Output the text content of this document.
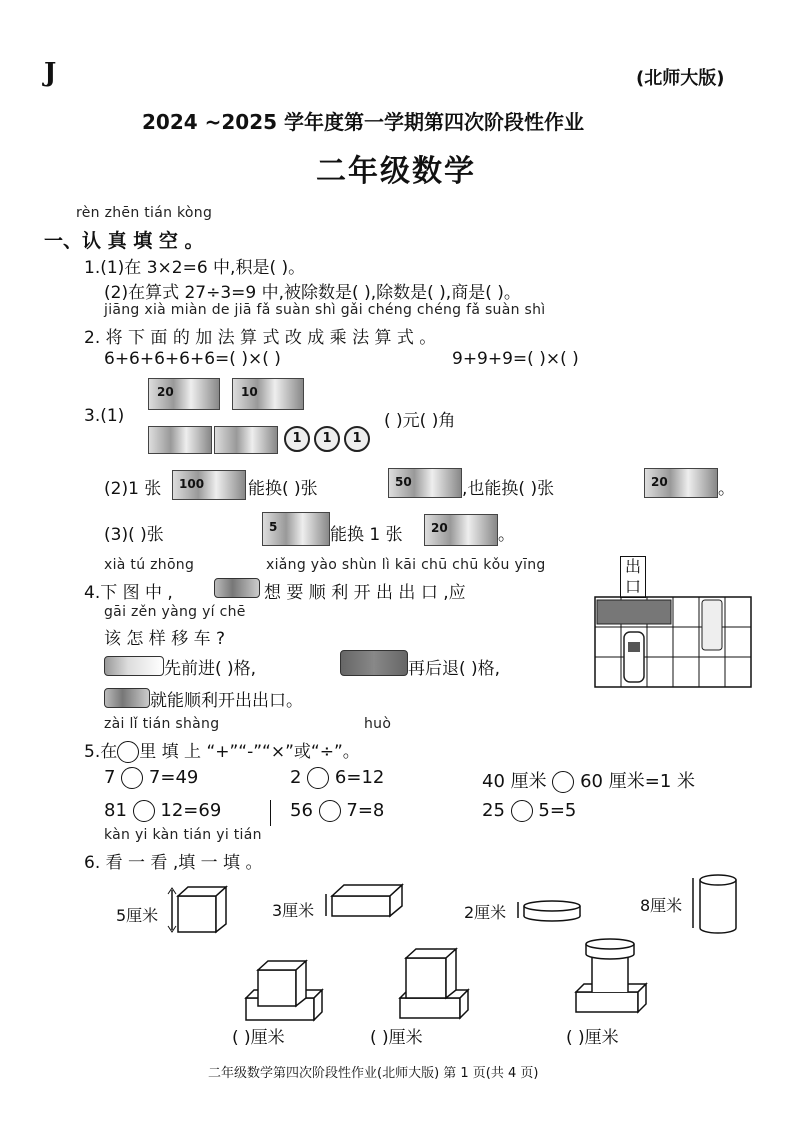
J	(北师大版)
2024 ~2025 学年度第一学期第四次阶段性作业
二年级数学
rèn zhēn tián kòng
一、认 真 填 空 。
1.(1)在 3×2=6 中,积是( )。
(2)在算式 27÷3=9 中,被除数是( ),除数是( ),商是( )。
jiāng xià miàn de jiā fǎ suàn shì gǎi chéng chéng fǎ suàn shì
2. 将 下 面 的 加 法 算 式 改 成 乘 法 算 式 。
6+6+6+6+6=( )×( )	9+9+9=( )×( )
20	10
3.(1)	( )元( )角
1	1	1
(2)1 张 100	能换( )张	50	,也能换( )张	20	。
(3)( )张	5	能换 1 张 20	。
xià tú zhōng	xiǎng yào shùn lì kāi chū chū kǒu yīng
4.下 图 中 ,	想 要 顺 利 开 出 出 口 ,应
gāi zěn yàng yí chē
该 怎 样 移 车 ?
先前进( )格,	再后退( )格,
就能顺利开出出口。
出
口
zài lǐ tián shàng	huò
5.在 里 填 上 “+”“-”“×”或“÷”。
7 7=49	2 6=12	40 厘米 60 厘米=1 米
81 12=69	56 7=8	25 5=5
kàn yi kàn tián yi tián
6. 看 一 看 ,填 一 填 。
5厘米	3厘米	2厘米	8厘米
( )厘米	( )厘米	( )厘米
二年级数学第四次阶段性作业(北师大版) 第 1 页(共 4 页)
